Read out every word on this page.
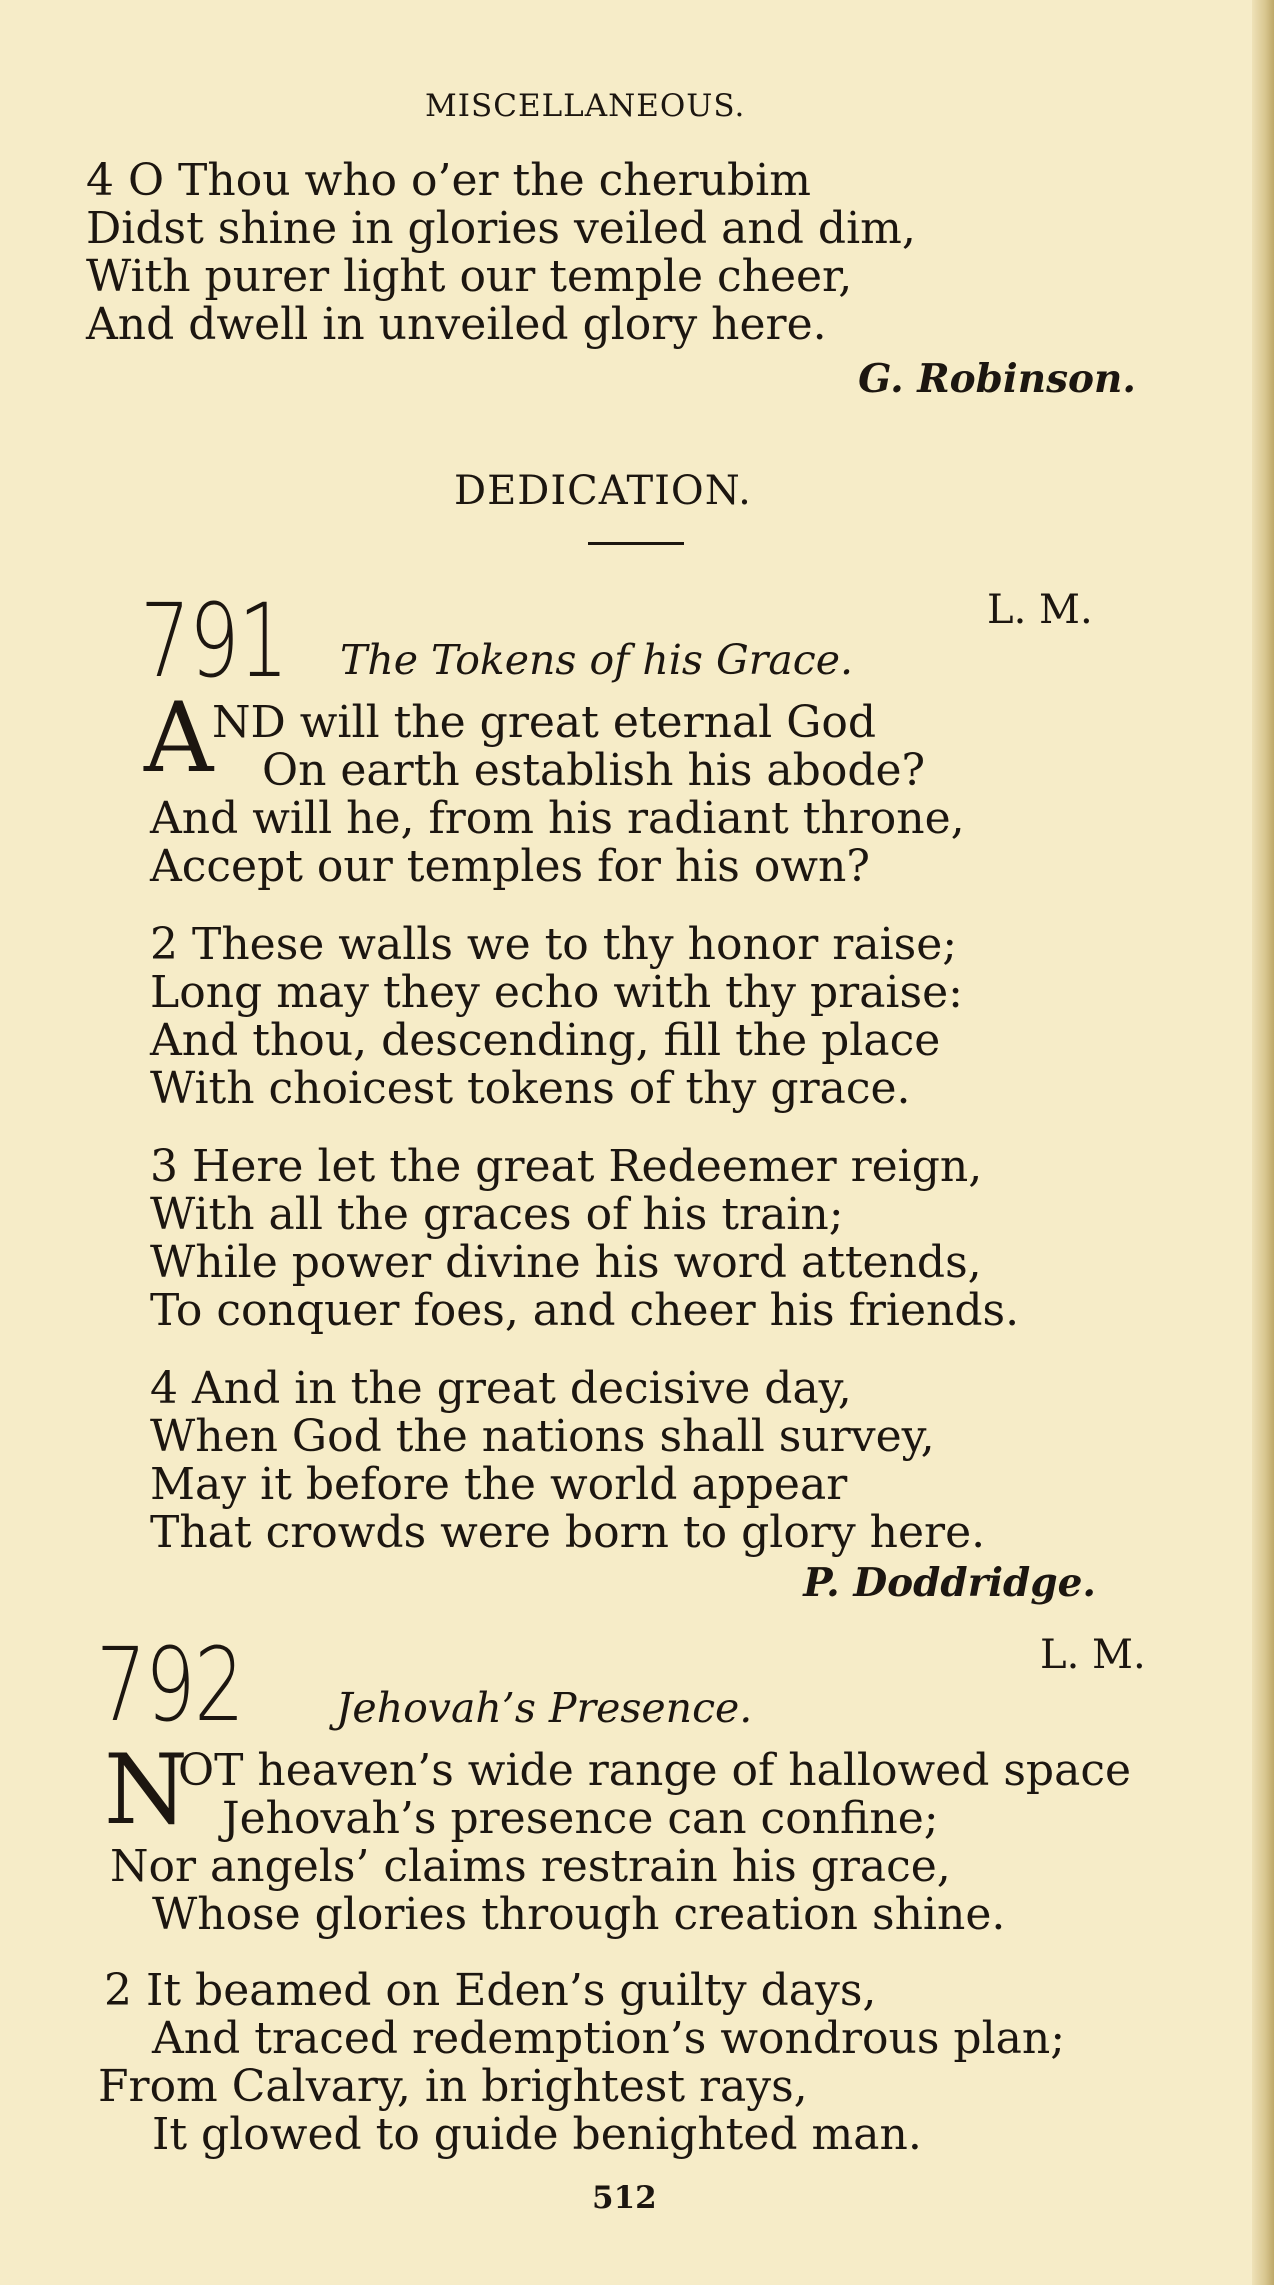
MISCELLANEOUS.
4 O Thou who o’er the cherubim
Didst shine in glories veiled and dim,
With purer light our temple cheer,
And dwell in unveiled glory here.
G. Robinson.
DEDICATION.
791	L. M.
The Tokens of his Grace.
A
ND will the great eternal God
On earth establish his abode?
And will he, from his radiant throne,
Accept our temples for his own?
2 These walls we to thy honor raise;
Long may they echo with thy praise:
And thou, descending, fill the place
With choicest tokens of thy grace.
3 Here let the great Redeemer reign,
With all the graces of his train;
While power divine his word attends,
To conquer foes, and cheer his friends.
4 And in the great decisive day,
When God the nations shall survey,
May it before the world appear
That crowds were born to glory here.
P. Doddridge.
792	L. M.
Jehovah’s Presence.
N
OT heaven’s wide range of hallowed space
Jehovah’s presence can confine;
Nor angels’ claims restrain his grace,
Whose glories through creation shine.
2 It beamed on Eden’s guilty days,
And traced redemption’s wondrous plan;
From Calvary, in brightest rays,
It glowed to guide benighted man.
512
